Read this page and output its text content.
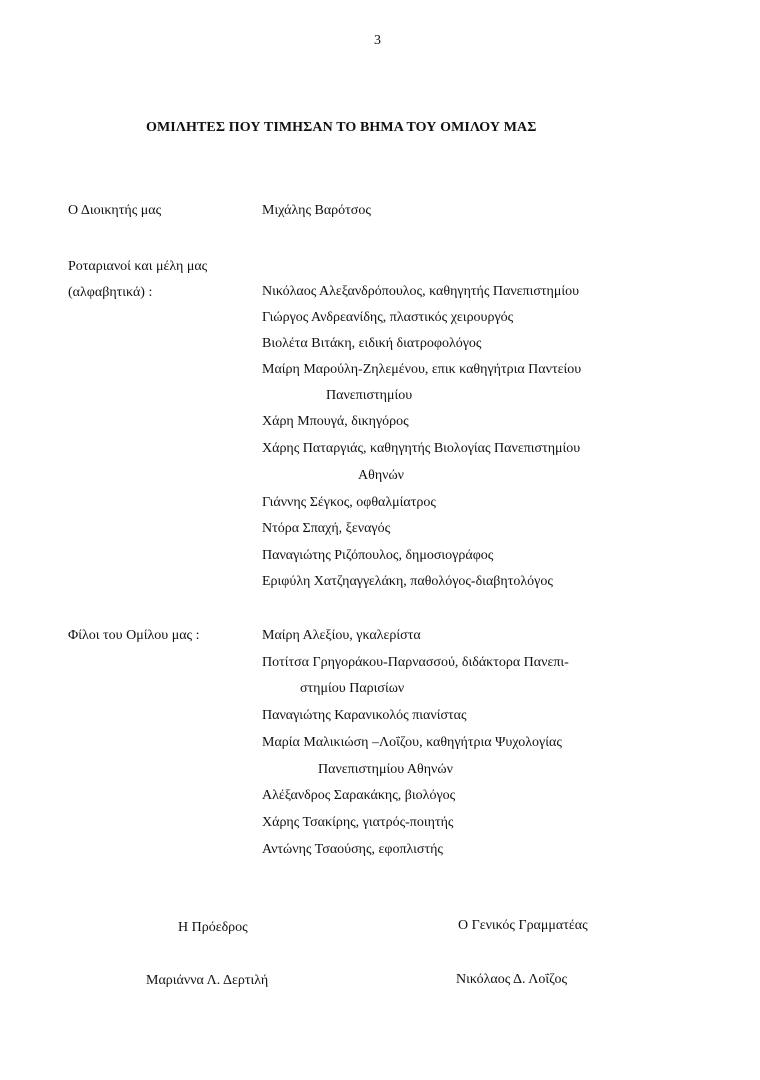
3
ΟΜΙΛΗΤΕΣ ΠΟΥ ΤΙΜΗΣΑΝ ΤΟ ΒΗΜΑ ΤΟΥ ΟΜΙΛΟΥ ΜΑΣ
Ο Διοικητής μας	Μιχάλης Βαρότσος
Ροταριανοί και μέλη μας
(αλφαβητικά) :	Νικόλαος Αλεξανδρόπουλος, καθηγητής Πανεπιστημίου
Γιώργος Ανδρεανίδης, πλαστικός χειρουργός
Βιολέτα Βιτάκη, ειδική διατροφολόγος
Μαίρη Μαρούλη-Ζηλεμένου, επικ καθηγήτρια Παντείου
Πανεπιστημίου
Χάρη Μπουγά, δικηγόρος
Χάρης Παταργιάς, καθηγητής Βιολογίας Πανεπιστημίου
Αθηνών
Γιάννης Σέγκος, οφθαλμίατρος
Ντόρα Σπαχή, ξεναγός
Παναγιώτης Ριζόπουλος, δημοσιογράφος
Εριφύλη Χατζηαγγελάκη, παθολόγος-διαβητολόγος
Φίλοι του Ομίλου μας :	Μαίρη Αλεξίου, γκαλερίστα
Ποτίτσα Γρηγοράκου-Παρνασσού, διδάκτορα Πανεπι-
στημίου Παρισίων
Παναγιώτης Καρανικολός πιανίστας
Μαρία Μαλικιώση –Λοΐζου, καθηγήτρια Ψυχολογίας
Πανεπιστημίου Αθηνών
Αλέξανδρος Σαρακάκης, βιολόγος
Χάρης Τσακίρης, γιατρός-ποιητής
Αντώνης Τσαούσης, εφοπλιστής
Η Πρόεδρος
Μαριάννα Λ. Δερτιλή
Ο Γενικός Γραμματέας
Νικόλαος Δ. Λοΐζος
